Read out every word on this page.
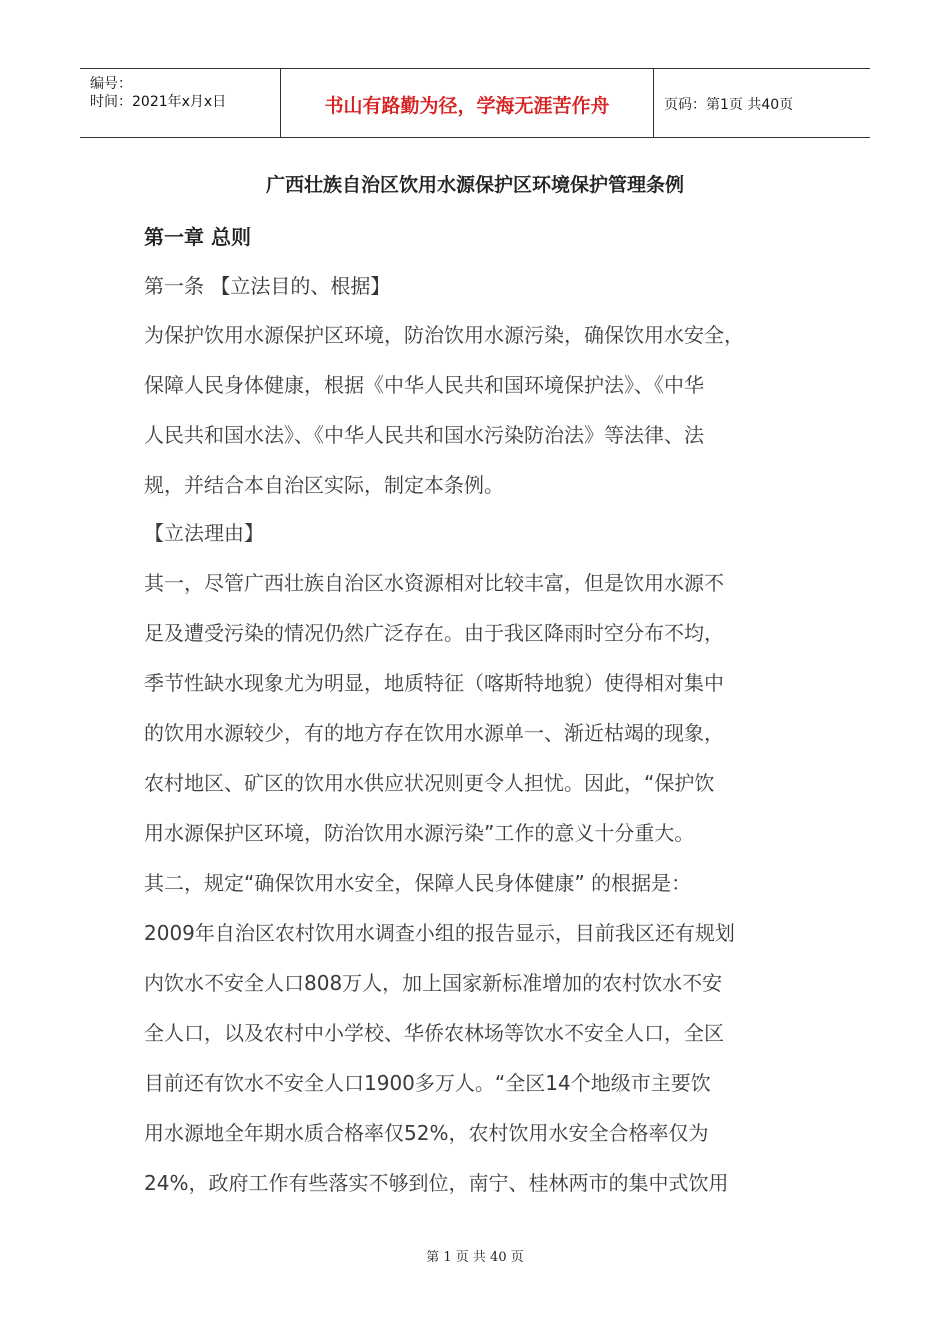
编号：
时间：2021年x月x日	书山有路勤为径，学海无涯苦作舟	页码：第1页 共40页
广西壮族自治区饮用水源保护区环境保护管理条例
第一章 总则
第一条 【立法目的、根据】
为保护饮用水源保护区环境，防治饮用水源污染，确保饮用水安全，
保障人民身体健康，根据《中华人民共和国环境保护法》、《中华
人民共和国水法》、《中华人民共和国水污染防治法》等法律、法
规，并结合本自治区实际，制定本条例。
【立法理由】
其一，尽管广西壮族自治区水资源相对比较丰富，但是饮用水源不
足及遭受污染的情况仍然广泛存在。由于我区降雨时空分布不均，
季节性缺水现象尤为明显，地质特征（喀斯特地貌）使得相对集中
的饮用水源较少，有的地方存在饮用水源单一、渐近枯竭的现象，
农村地区、矿区的饮用水供应状况则更令人担忧。因此，“保护饮
用水源保护区环境，防治饮用水源污染”工作的意义十分重大。
其二，规定“确保饮用水安全，保障人民身体健康” 的根据是：
2009年自治区农村饮用水调查小组的报告显示，目前我区还有规划
内饮水不安全人口808万人，加上国家新标准增加的农村饮水不安
全人口，以及农村中小学校、华侨农林场等饮水不安全人口，全区
目前还有饮水不安全人口1900多万人。“全区14个地级市主要饮
用水源地全年期水质合格率仅52%，农村饮用水安全合格率仅为
24%，政府工作有些落实不够到位，南宁、桂林两市的集中式饮用
第 1 页 共 40 页
